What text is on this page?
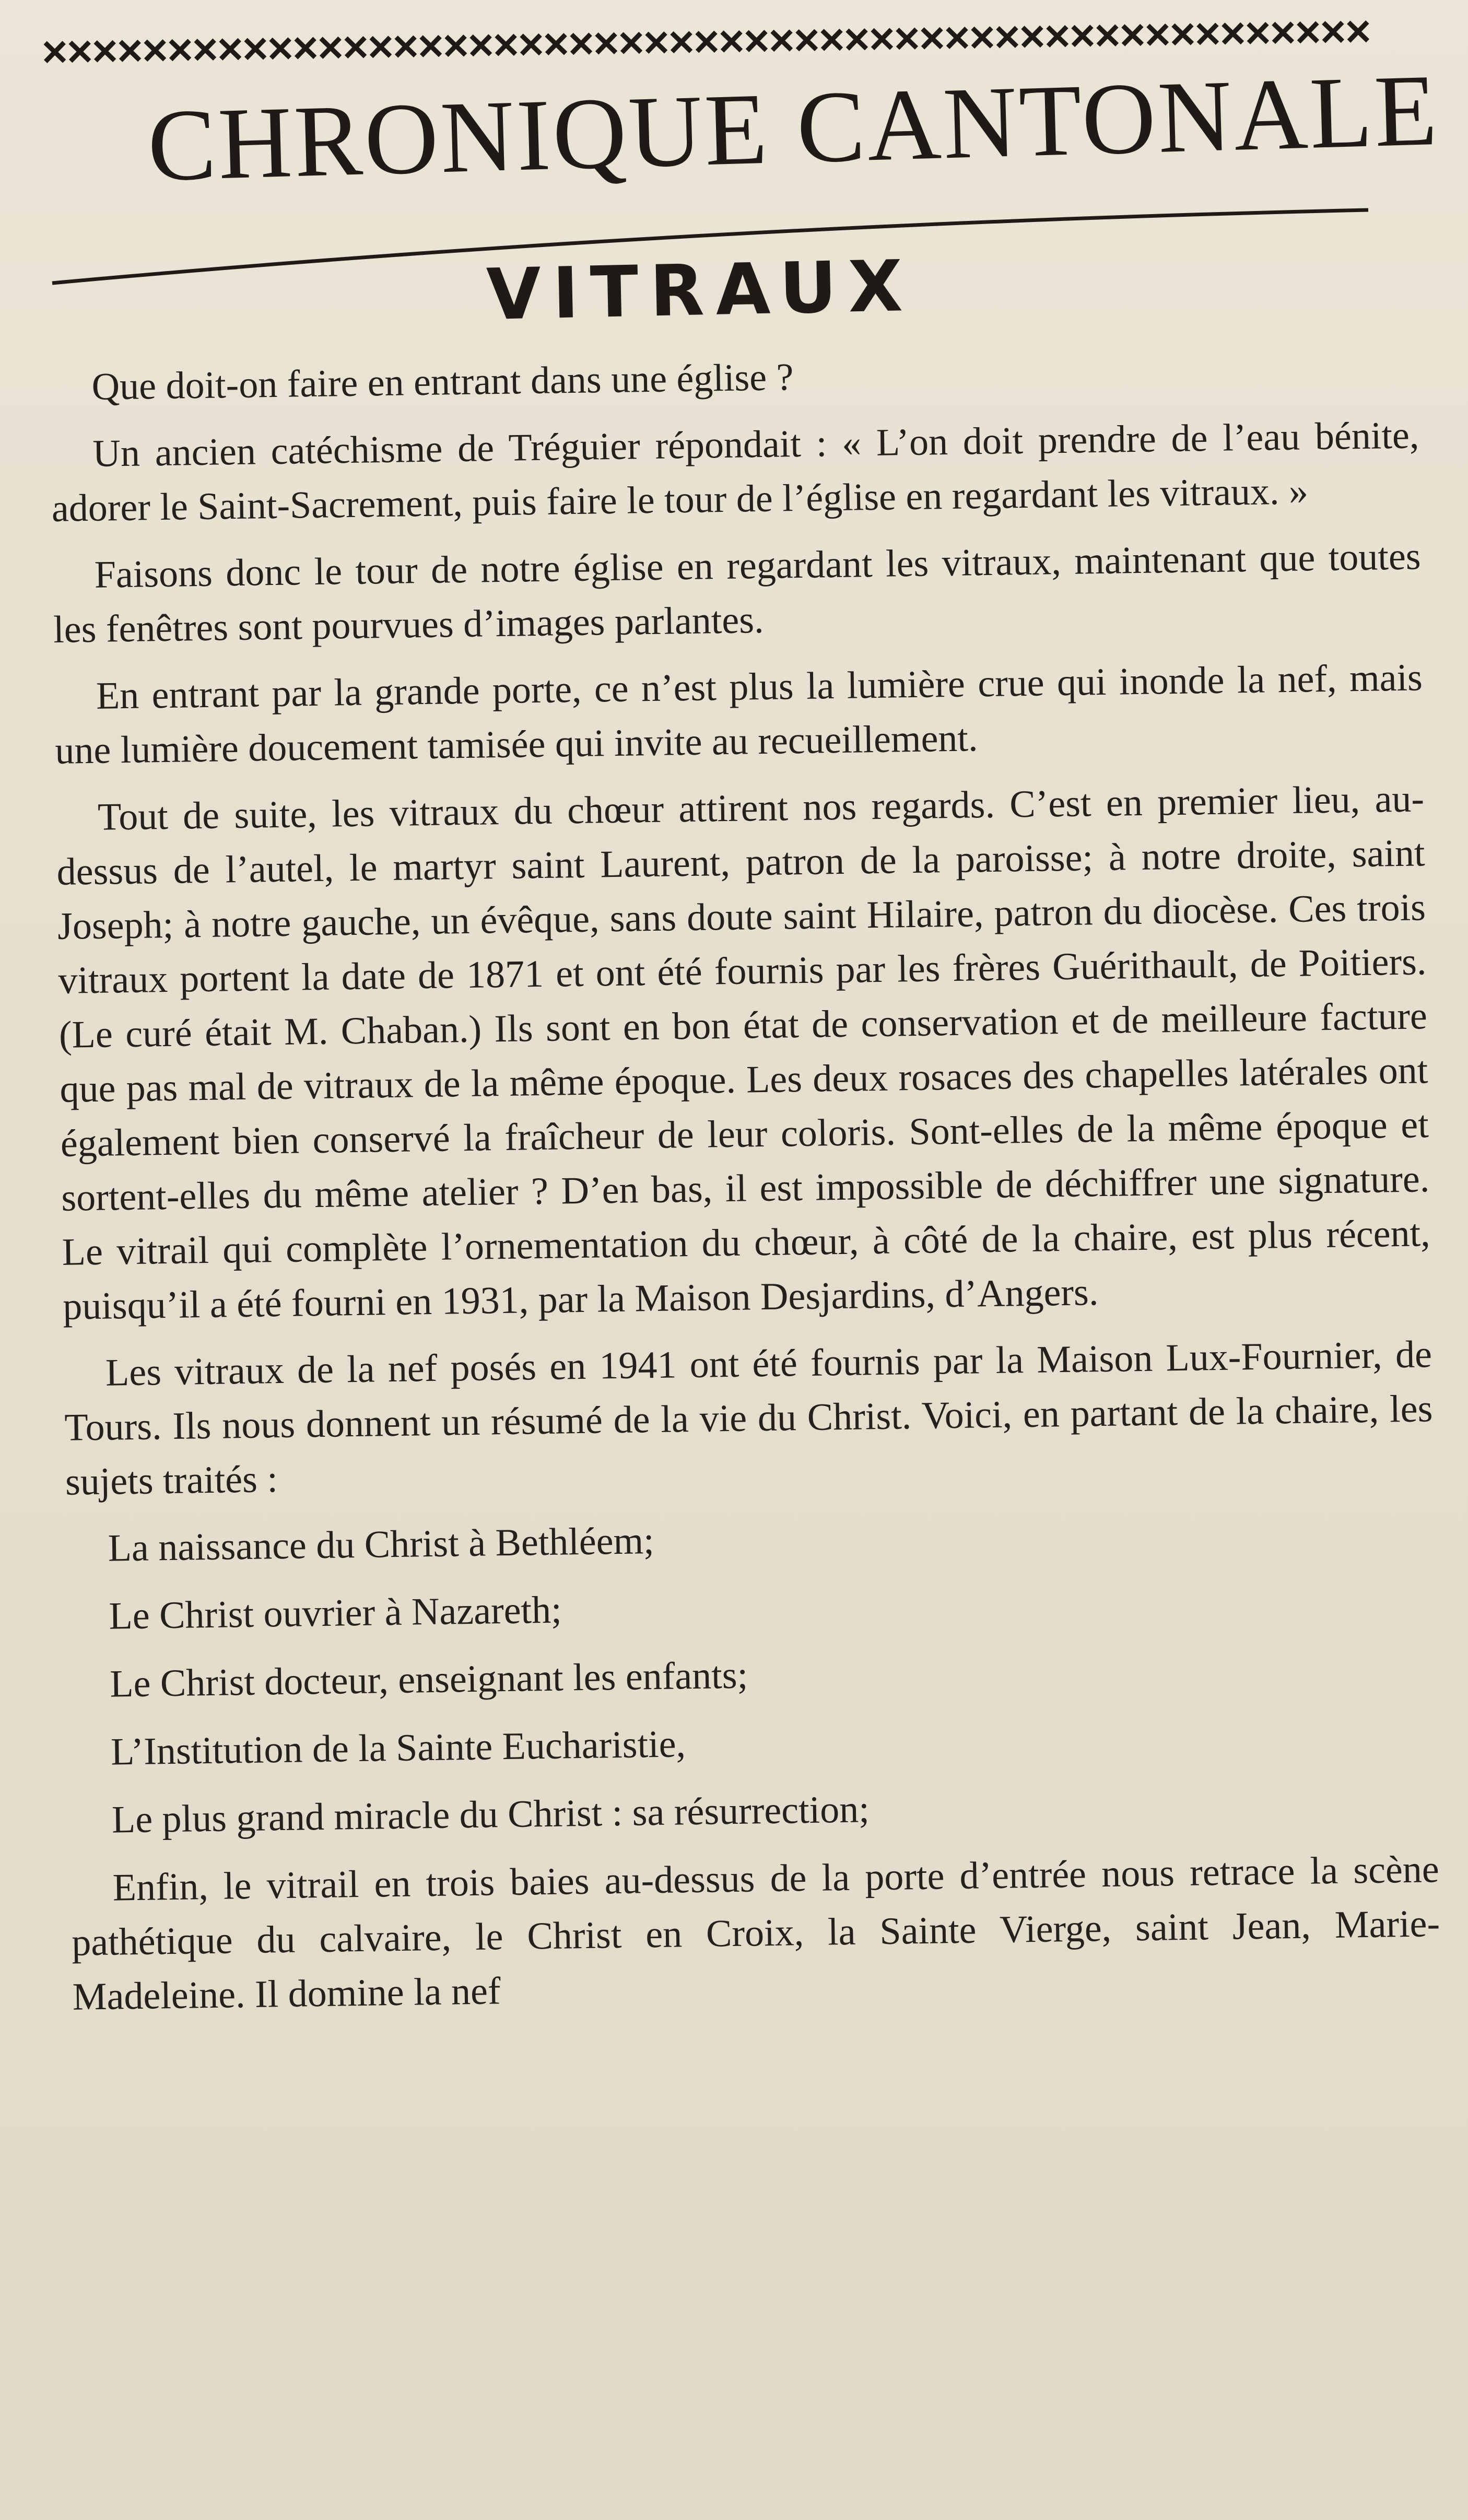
CHRONIQUE CANTONALE
VITRAUX

Que doit-on faire en entrant dans une église ?

Un ancien catéchisme de Tréguier répondait : « L’on doit prendre de l’eau bénite, adorer le Saint-Sacrement, puis faire le tour de l’église en regardant les vitraux. »

Faisons donc le tour de notre église en regardant les vitraux, maintenant que toutes les fenêtres sont pourvues d’images parlantes.

En entrant par la grande porte, ce n’est plus la lumière crue qui inonde la nef, mais une lumière doucement tamisée qui invite au recueillement.

Tout de suite, les vitraux du chœur attirent nos regards. C’est en premier lieu, au-dessus de l’autel, le martyr saint Laurent, patron de la paroisse; à notre droite, saint Joseph; à notre gauche, un évêque, sans doute saint Hilaire, patron du diocèse. Ces trois vitraux portent la date de 1871 et ont été fournis par les frères Guérithault, de Poitiers. (Le curé était M. Chaban.) Ils sont en bon état de conservation et de meilleure facture que pas mal de vitraux de la même époque. Les deux rosaces des chapelles latérales ont également bien conservé la fraîcheur de leur coloris. Sont-elles de la même époque et sortent-elles du même atelier ? D’en bas, il est impossible de déchiffrer une signature. Le vitrail qui complète l’ornementation du chœur, à côté de la chaire, est plus récent, puisqu’il a été fourni en 1931, par la Maison Desjardins, d’Angers.

Les vitraux de la nef posés en 1941 ont été fournis par la Maison Lux-Fournier, de Tours. Ils nous donnent un résumé de la vie du Christ. Voici, en partant de la chaire, les sujets traités :

La naissance du Christ à Bethléem;
Le Christ ouvrier à Nazareth;
Le Christ docteur, enseignant les enfants;
L’Institution de la Sainte Eucharistie,
Le plus grand miracle du Christ : sa résurrection;

Enfin, le vitrail en trois baies au-dessus de la porte d’entrée nous retrace la scène pathétique du calvaire, le Christ en Croix, la Sainte Vierge, saint Jean, Marie-Madeleine. Il domine la nef
